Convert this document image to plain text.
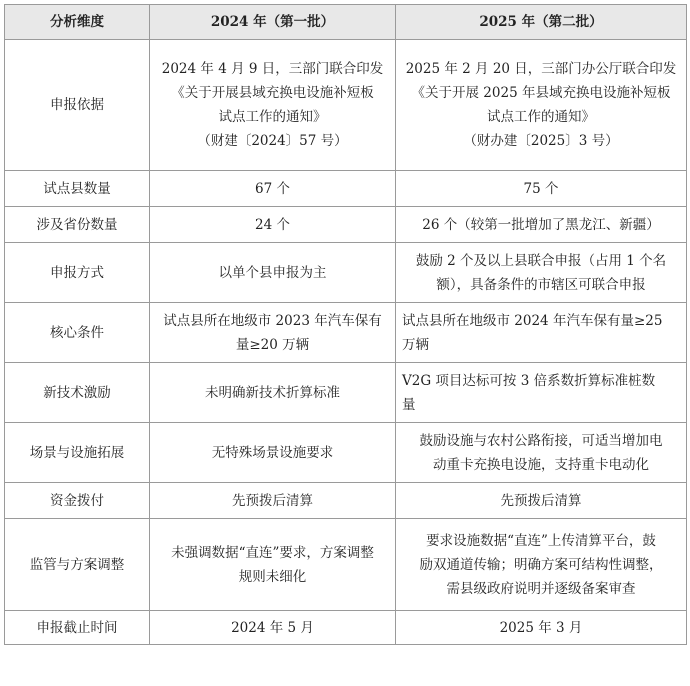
分析维度	2024 年（第一批）	2025 年（第二批）
申报依据	2024 年 4 月 9 日，三部门联合印发
《关于开展县域充换电设施补短板
试点工作的通知》
（财建〔2024〕57 号）	2025 年 2 月 20 日，三部门办公厅联合印发
《关于开展 2025 年县域充换电设施补短板
试点工作的通知》
（财办建〔2025〕3 号）

试点县数量	67 个	75 个
涉及省份数量	24 个	26 个（较第一批增加了黑龙江、新疆）
申报方式	以单个县申报为主	鼓励 2 个及以上县联合申报（占用 1 个名
额），具备条件的市辖区可联合申报

核心条件	试点县所在地级市 2023 年汽车保有
量≥20 万辆	试点县所在地级市 2024 年汽车保有量≥25
万辆

新技术激励	未明确新技术折算标准	V2G 项目达标可按 3 倍系数折算标准桩数
量

场景与设施拓展	无特殊场景设施要求	鼓励设施与农村公路衔接，可适当增加电
动重卡充换电设施，支持重卡电动化

资金拨付	先预拨后清算	先预拨后清算
监管与方案调整	未强调数据“直连”要求，方案调整
规则未细化	要求设施数据“直连”上传清算平台，鼓
励双通道传输；明确方案可结构性调整，
需县级政府说明并逐级备案审查

申报截止时间	2024 年 5 月	2025 年 3 月
